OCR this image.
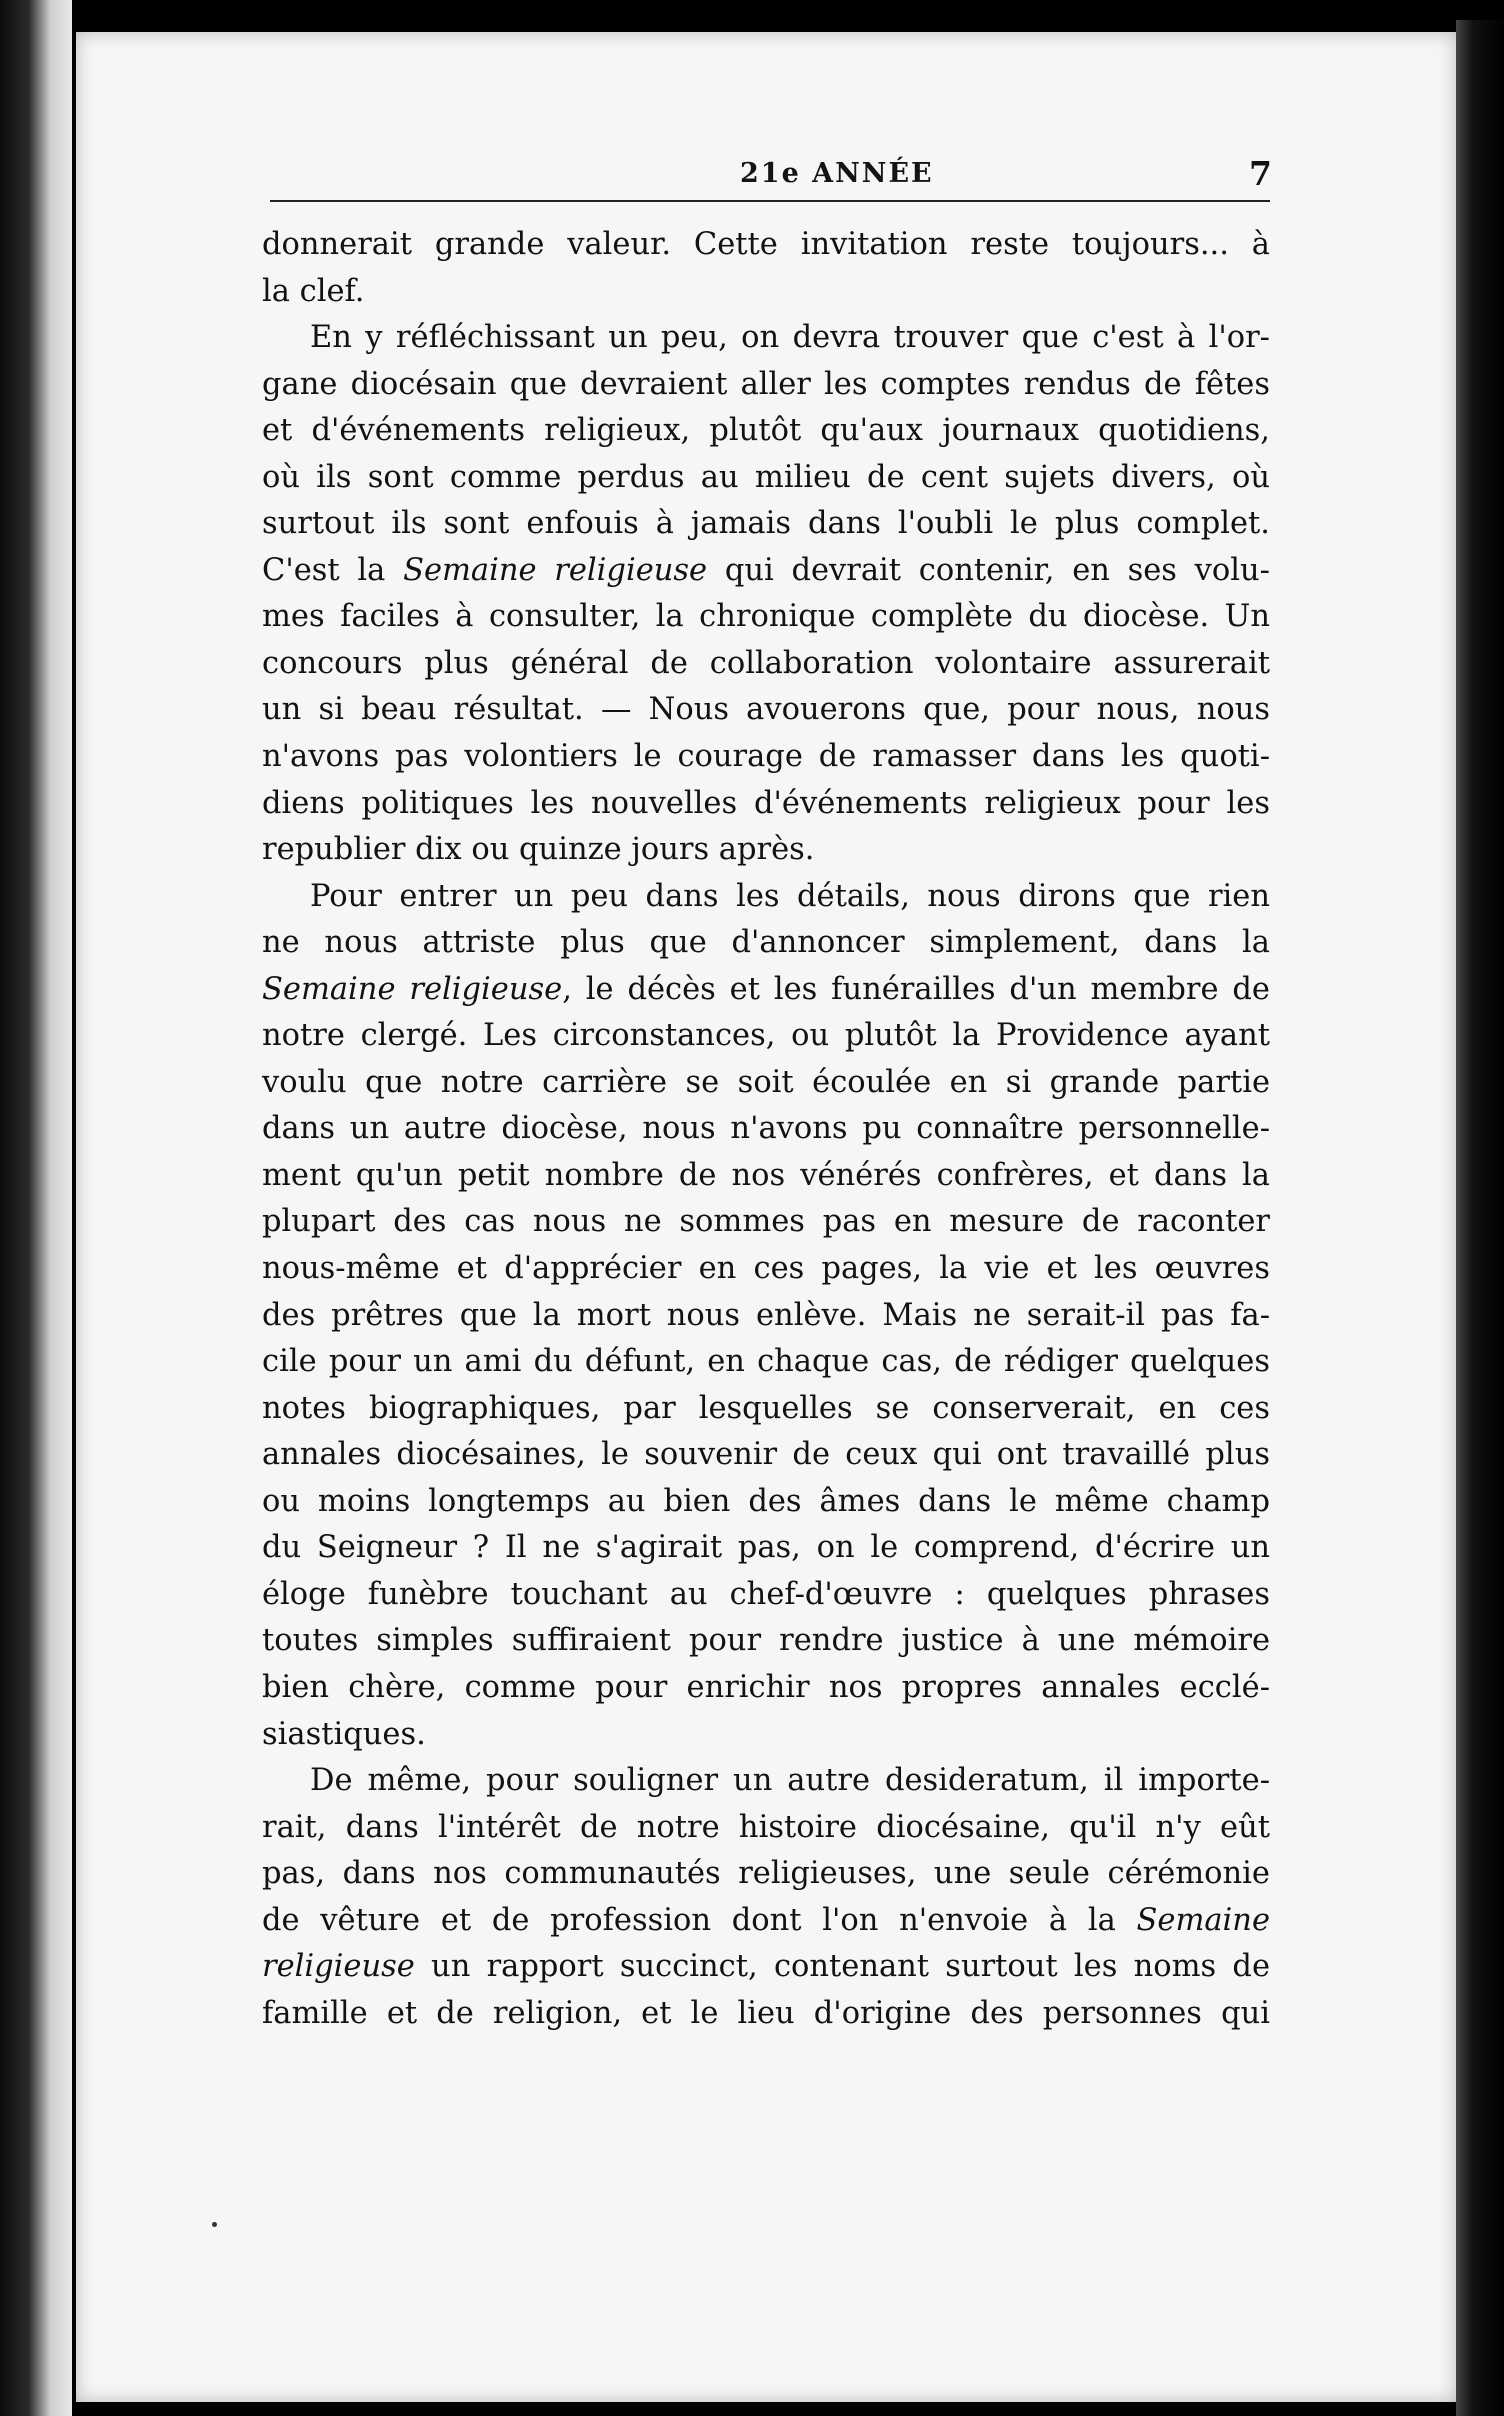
21e ANNÉE	7
donnerait grande valeur. Cette invitation reste toujours... à
la clef.
En y réfléchissant un peu, on devra trouver que c'est à l'or-
gane diocésain que devraient aller les comptes rendus de fêtes
et d'événements religieux, plutôt qu'aux journaux quotidiens,
où ils sont comme perdus au milieu de cent sujets divers, où
surtout ils sont enfouis à jamais dans l'oubli le plus complet.
C'est la Semaine religieuse qui devrait contenir, en ses volu-
mes faciles à consulter, la chronique complète du diocèse. Un
concours plus général de collaboration volontaire assurerait
un si beau résultat. — Nous avouerons que, pour nous, nous
n'avons pas volontiers le courage de ramasser dans les quoti-
diens politiques les nouvelles d'événements religieux pour les
republier dix ou quinze jours après.
Pour entrer un peu dans les détails, nous dirons que rien
ne nous attriste plus que d'annoncer simplement, dans la
Semaine religieuse, le décès et les funérailles d'un membre de
notre clergé. Les circonstances, ou plutôt la Providence ayant
voulu que notre carrière se soit écoulée en si grande partie
dans un autre diocèse, nous n'avons pu connaître personnelle-
ment qu'un petit nombre de nos vénérés confrères, et dans la
plupart des cas nous ne sommes pas en mesure de raconter
nous-même et d'apprécier en ces pages, la vie et les œuvres
des prêtres que la mort nous enlève. Mais ne serait-il pas fa-
cile pour un ami du défunt, en chaque cas, de rédiger quelques
notes biographiques, par lesquelles se conserverait, en ces
annales diocésaines, le souvenir de ceux qui ont travaillé plus
ou moins longtemps au bien des âmes dans le même champ
du Seigneur ? Il ne s'agirait pas, on le comprend, d'écrire un
éloge funèbre touchant au chef-d'œuvre : quelques phrases
toutes simples suffiraient pour rendre justice à une mémoire
bien chère, comme pour enrichir nos propres annales ecclé-
siastiques.
De même, pour souligner un autre desideratum, il importe-
rait, dans l'intérêt de notre histoire diocésaine, qu'il n'y eût
pas, dans nos communautés religieuses, une seule cérémonie
de vêture et de profession dont l'on n'envoie à la Semaine
religieuse un rapport succinct, contenant surtout les noms de
famille et de religion, et le lieu d'origine des personnes qui
